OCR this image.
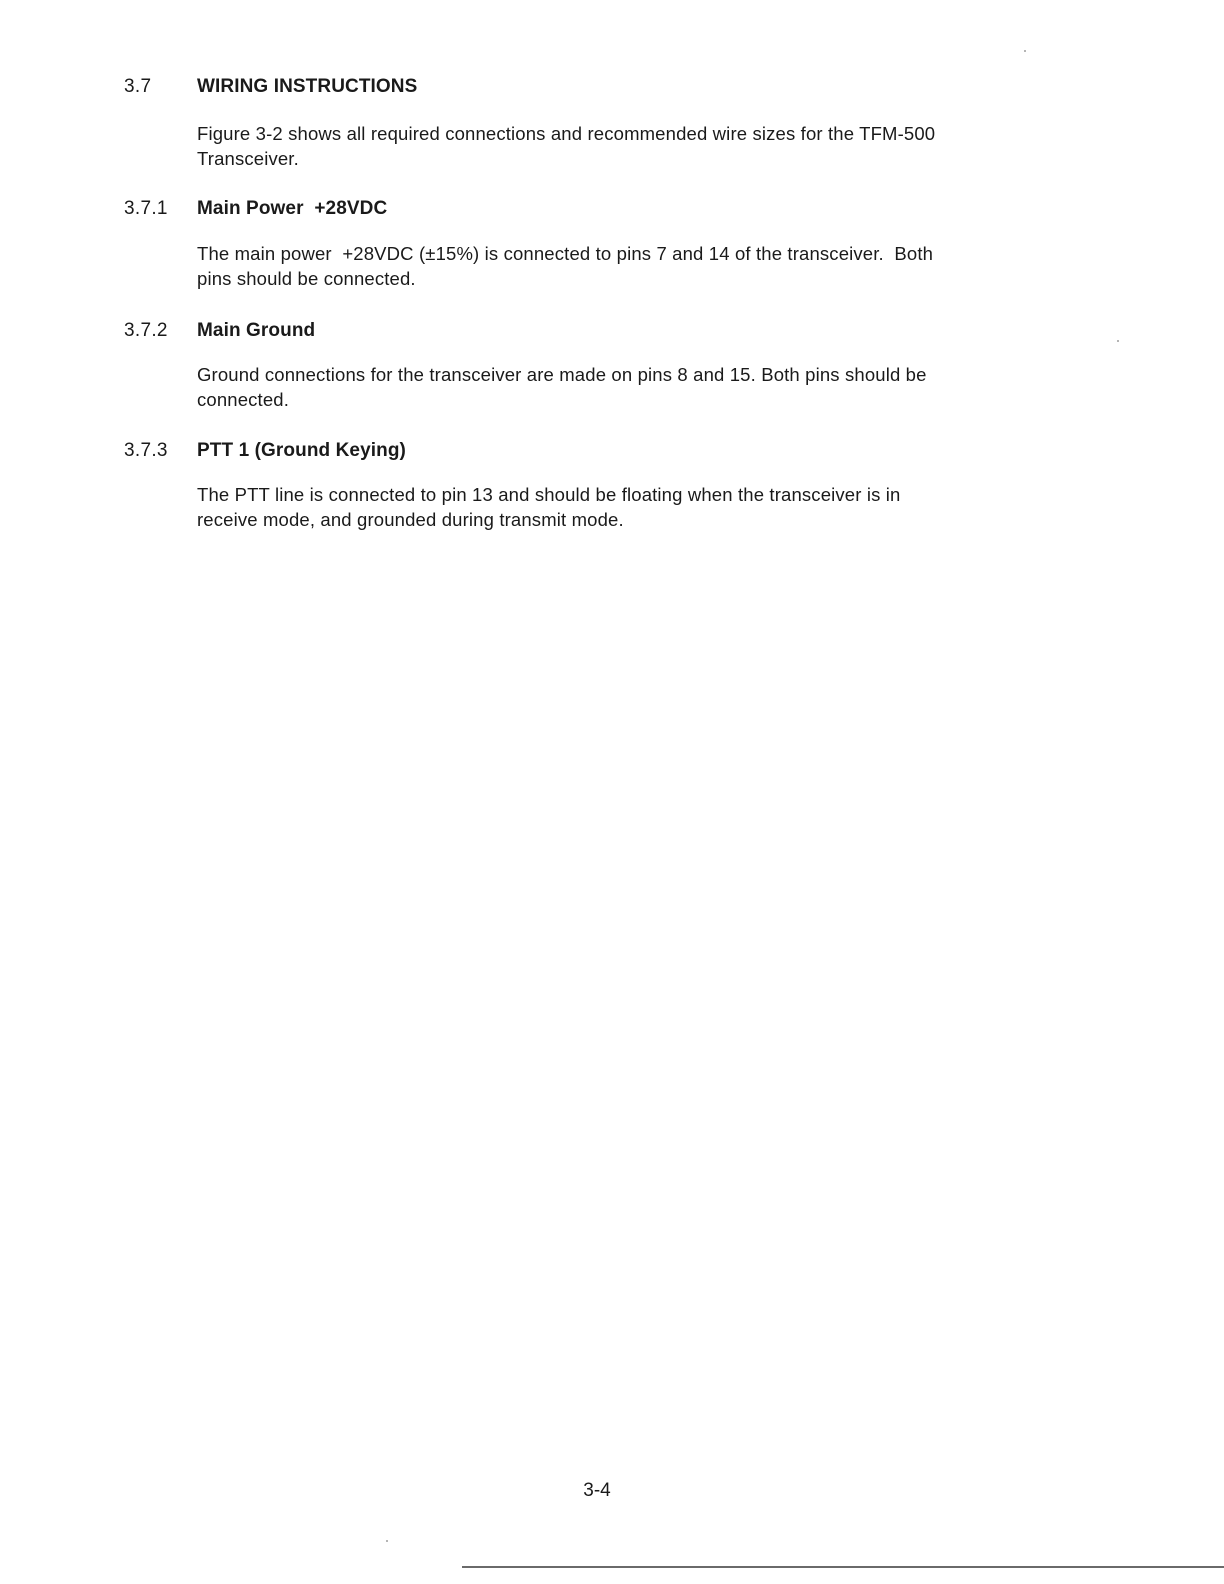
3.7 WIRING INSTRUCTIONS
Figure 3-2 shows all required connections and recommended wire sizes for the TFM-500
Transceiver.
3.7.1 Main Power  +28VDC
The main power  +28VDC (±15%) is connected to pins 7 and 14 of the transceiver.  Both
pins should be connected.
3.7.2 Main Ground
Ground connections for the transceiver are made on pins 8 and 15. Both pins should be
connected.
3.7.3 PTT 1 (Ground Keying)
The PTT line is connected to pin 13 and should be floating when the transceiver is in
receive mode, and grounded during transmit mode.
3-4
